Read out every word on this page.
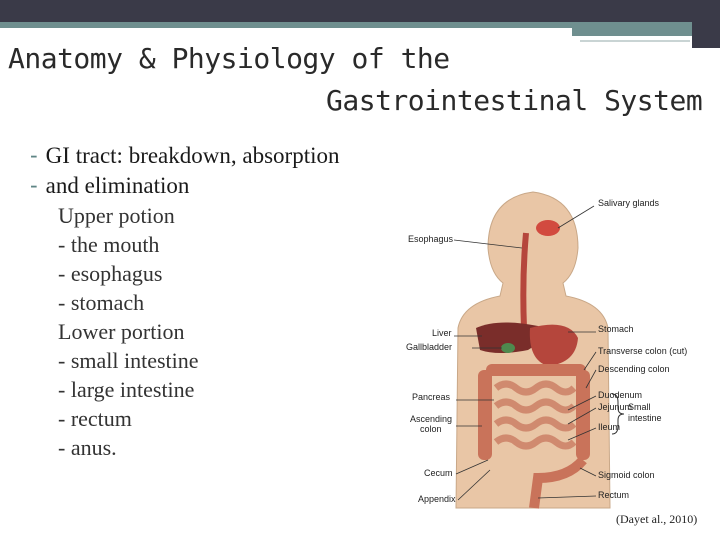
Anatomy & Physiology of the
Gastrointestinal System
- GI tract: breakdown, absorption
- and elimination
Upper potion
- the mouth
- esophagus
- stomach
Lower portion
- small intestine
- large intestine
- rectum
- anus.
Salivary glands
Esophagus
Liver
Gallbladder
Stomach
Transverse colon (cut)
Descending colon
Pancreas	Duodenum
Jejunum
Ileum
Ascending
colon
Small
intestine
Cecum	Sigmoid colon
Appendix	Rectum
(Dayet al., 2010)
